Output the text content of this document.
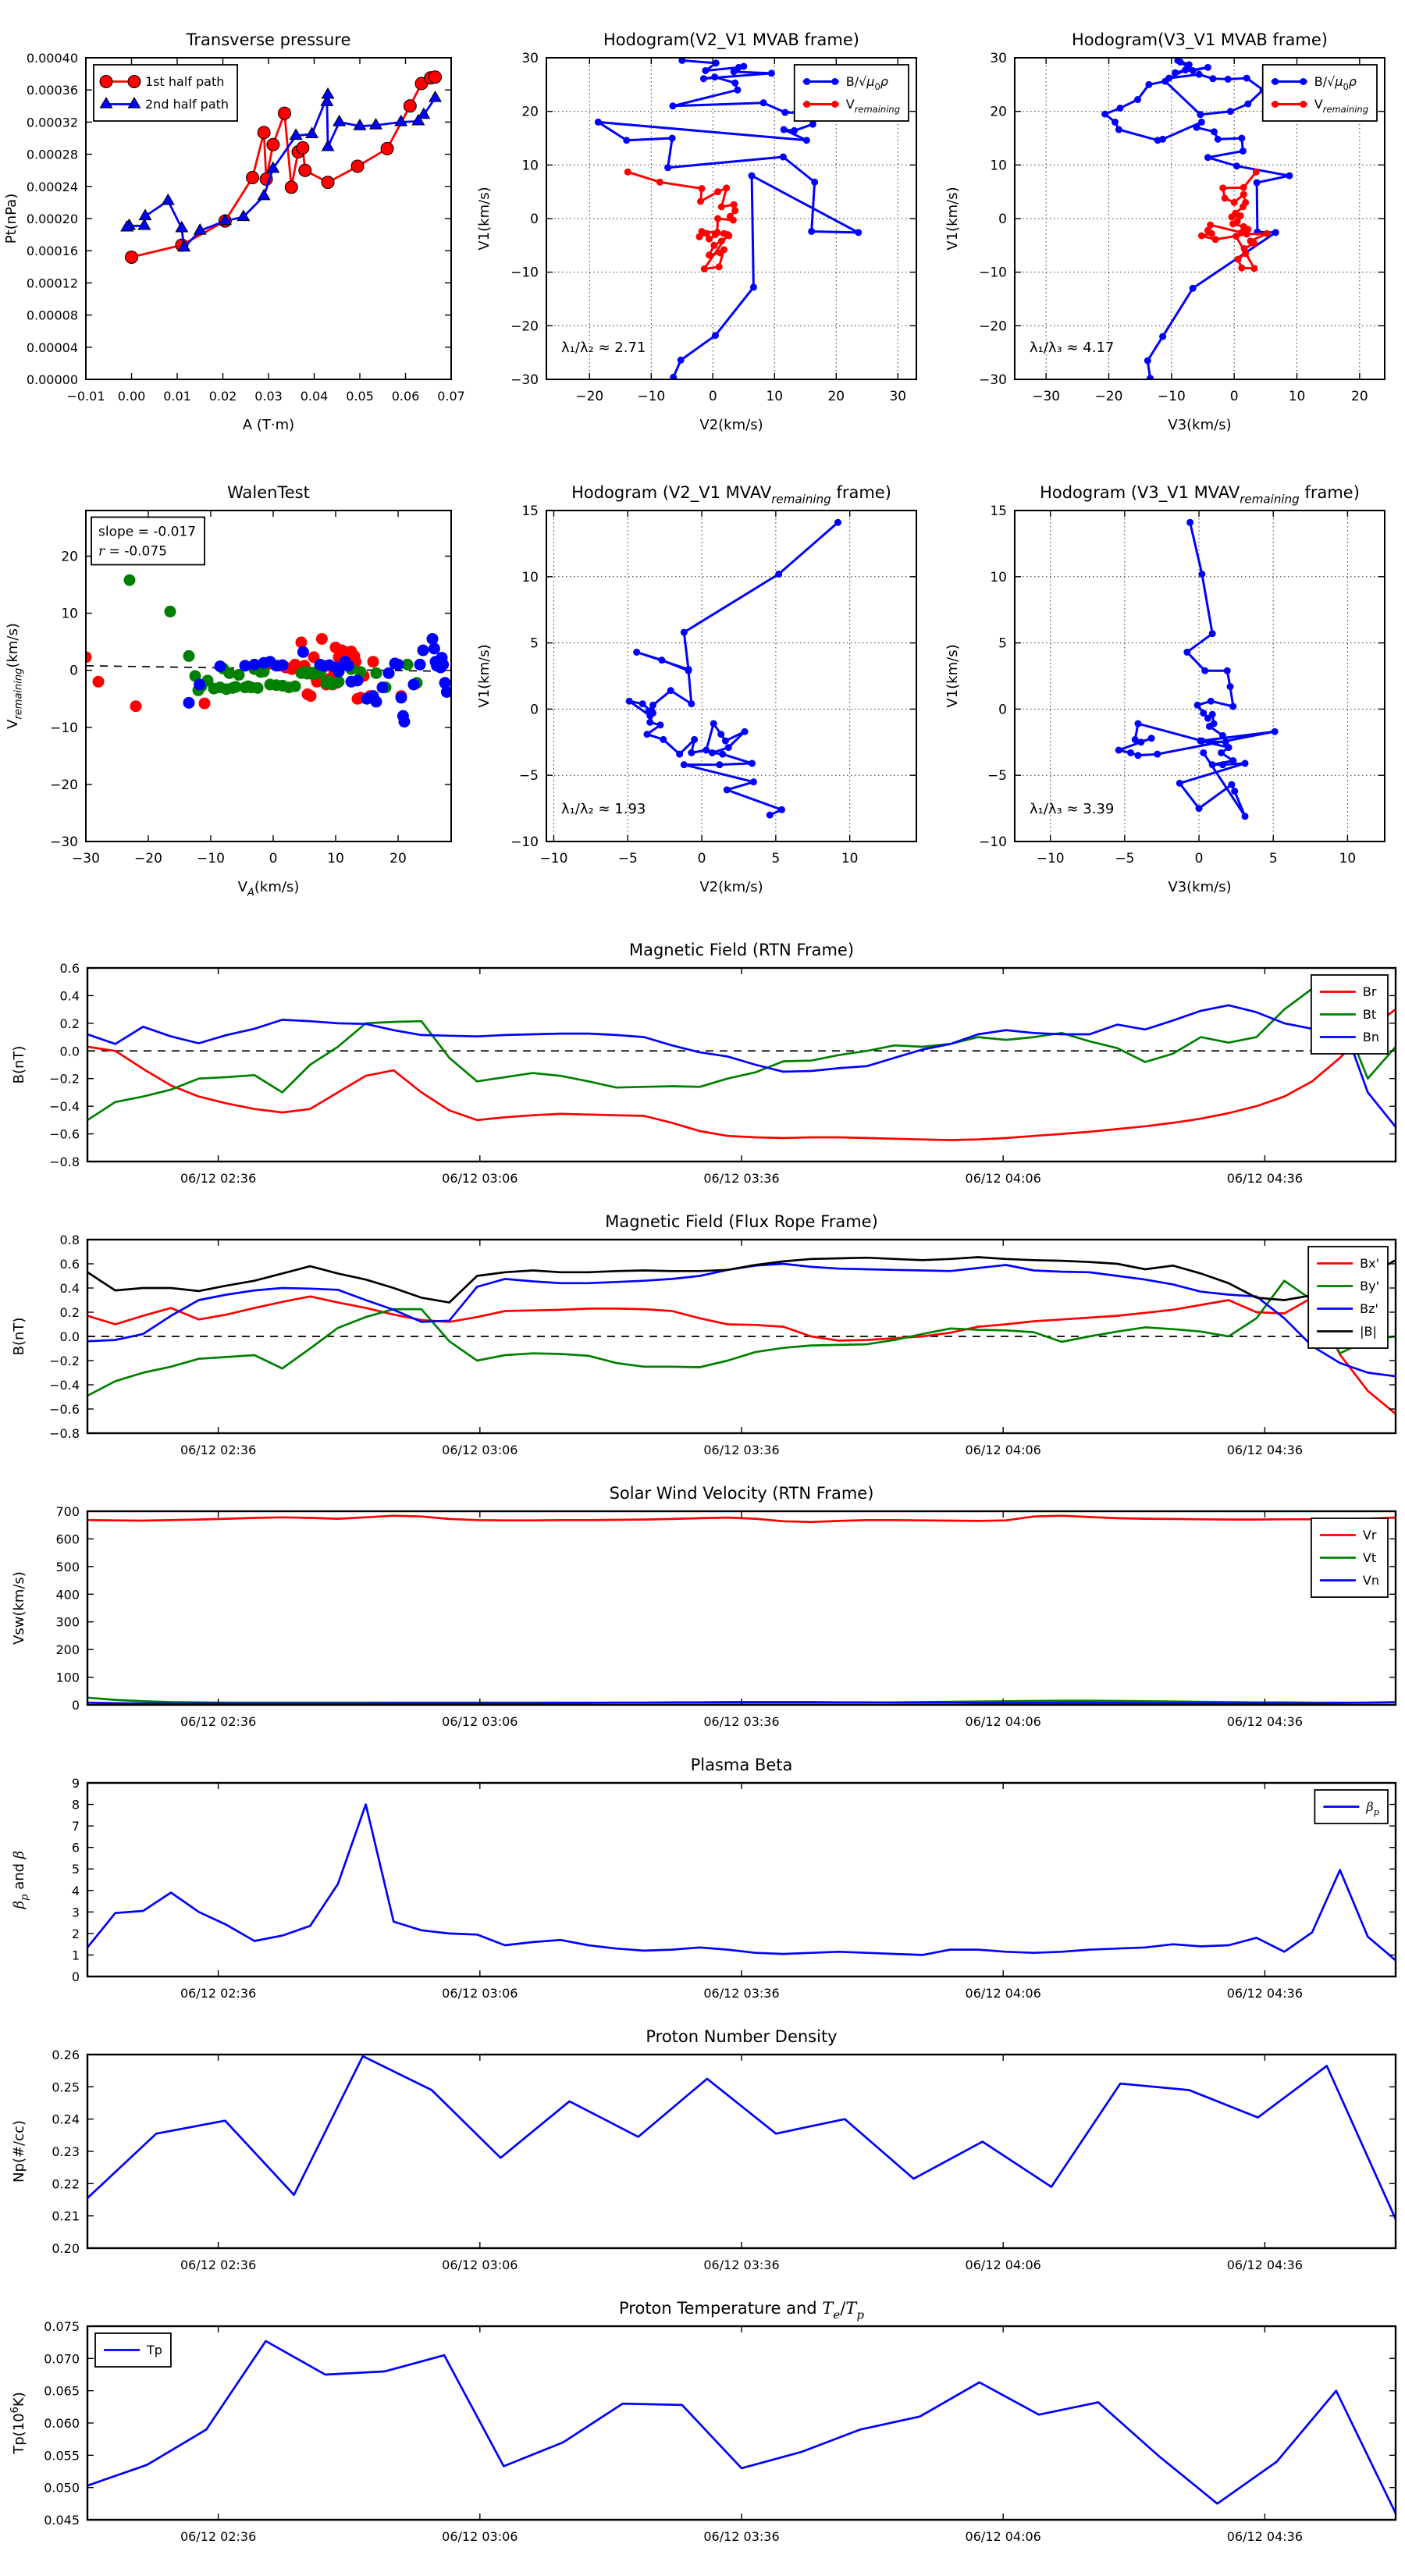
−0.01 0.00 0.01 0.02 0.03 0.04 0.05 0.06 0.07
0.00000
0.00004
0.00008
0.00012
0.00016
0.00020
0.00024
0.00028
0.00032
0.00036
0.00040
Transverse pressure
A (T·m)
Pt(nPa)
1st half path
2nd half path
−20	−10	0	10	20	30
−30
−20
−10
0
10
20
30
Hodogram(V2_V1 MVAB frame)
V2(km/s)
V1(km/s)
$B/√\mu_0\rho$
$V_{remaining}$
λ₁/λ₂ ≈ 2.71
−30	−20	−10	0	10	20
−30
−20
−10
0
10
20
30
Hodogram(V3_V1 MVAB frame)
V3(km/s)
V1(km/s)
$B/√\mu_0\rho$
$V_{remaining}$
λ₁/λ₃ ≈ 4.17
−30	−20	−10	0	10	20
−30
−20
−10
0
10
20
WalenTest
$V_A(km/s)$
$V_{remaining}(km/s)$
slope = -0.017
r = -0.075
−10	−5	0	5	10
−10
−5
0
5
10
15
Hodogram (V2_V1 $MVAV_{remaining}$ frame)
V2(km/s)
V1(km/s)
λ₁/λ₂ ≈ 1.93
−10	−5	0	5	10
−10
−5
0
5
10
15
Hodogram (V3_V1 $MVAV_{remaining}$ frame)
V3(km/s)
V1(km/s)
λ₁/λ₃ ≈ 3.39
06/12 02:36	06/12 03:06	06/12 03:36	06/12 04:06	06/12 04:36
−0.8
−0.6
−0.4
−0.2
0.0
0.2
0.4
0.6
Magnetic Field (RTN Frame)
B(nT)
Br
Bt
Bn
06/12 02:36	06/12 03:06	06/12 03:36	06/12 04:06	06/12 04:36
−0.8
−0.6
−0.4
−0.2
0.0
0.2
0.4
0.6
0.8
Magnetic Field (Flux Rope Frame)
B(nT)
Bx'
By'
Bz'
|B|
06/12 02:36	06/12 03:06	06/12 03:36	06/12 04:06	06/12 04:36
0
100
200
300
400
500
600
700
Solar Wind Velocity (RTN Frame)
Vsw(km/s)
Vr
Vt
Vn
06/12 02:36	06/12 03:06	06/12 03:36	06/12 04:06	06/12 04:36
0
1
2
3
4
5
6
7
8
9
Plasma Beta
$\beta_p$ and β
$\beta_p$
06/12 02:36	06/12 03:06	06/12 03:36	06/12 04:06	06/12 04:36
0.20
0.21
0.22
0.23
0.24
0.25
0.26
Proton Number Density
Np(#/cc)
06/12 02:36	06/12 03:06	06/12 03:36	06/12 04:06	06/12 04:36
0.045
0.050
0.055
0.060
0.065
0.070
0.075
Proton Temperature and $T_e/T_p$
$Tp(10^6K)$
Tp
